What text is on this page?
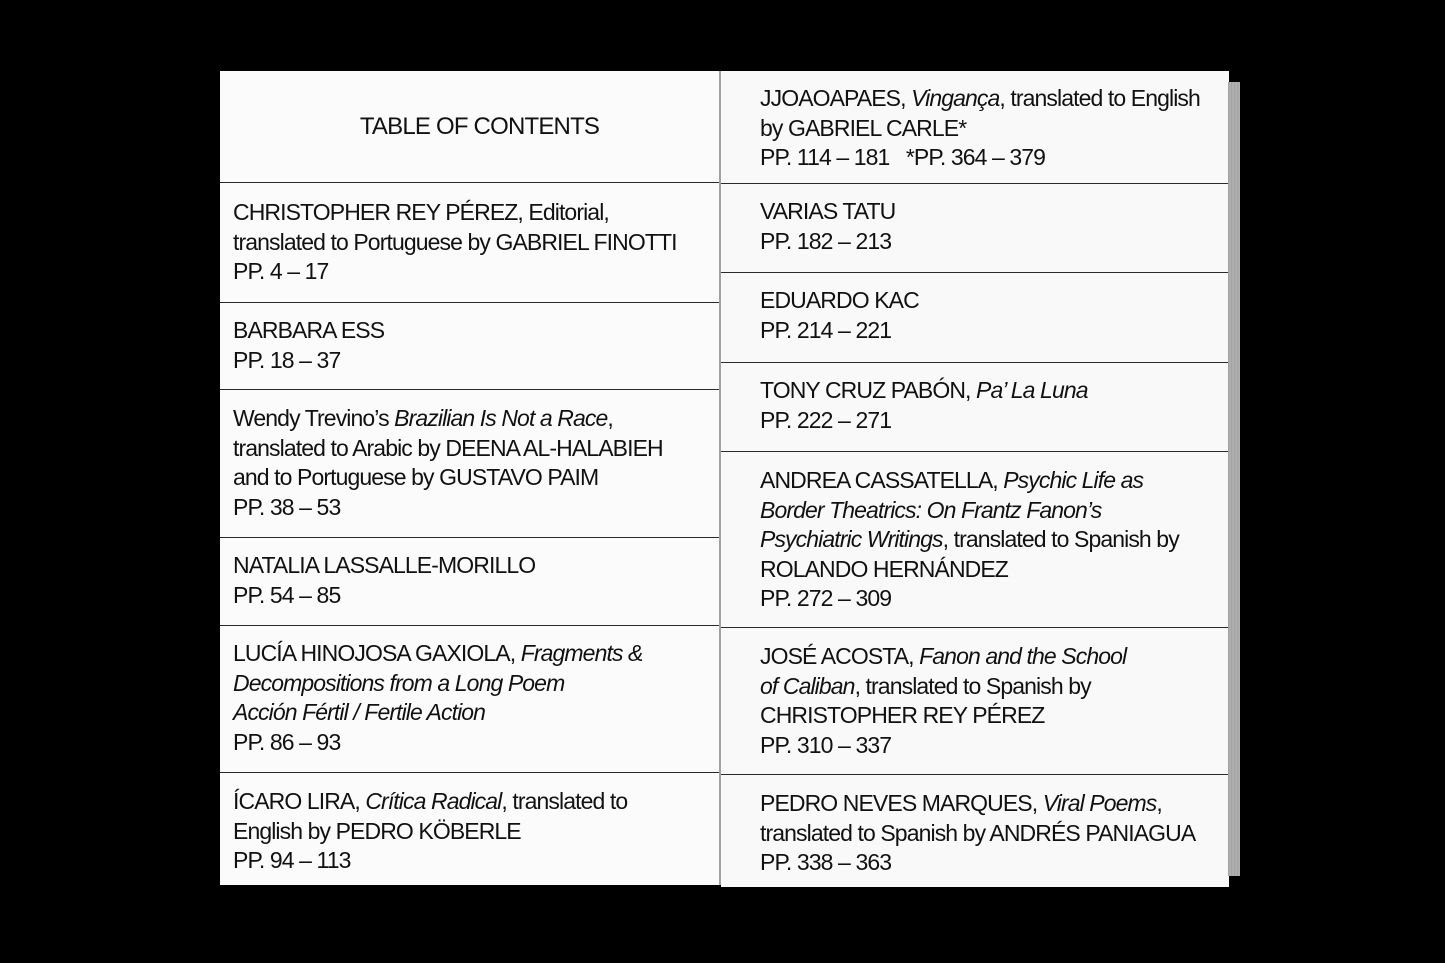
TABLE OF CONTENTS
CHRISTOPHER REY PÉREZ, Editorial,
translated to Portuguese by GABRIEL FINOTTI
PP. 4 – 17
BARBARA ESS
PP. 18 – 37
Wendy Trevino’s Brazilian Is Not a Race,
translated to Arabic by DEENA AL-HALABIEH
and to Portuguese by GUSTAVO PAIM
PP. 38 – 53
NATALIA LASSALLE-MORILLO
PP. 54 – 85
LUCÍA HINOJOSA GAXIOLA, Fragments &
Decompositions from a Long Poem
Acción Fértil / Fertile Action
PP. 86 – 93
ÍCARO LIRA, Crítica Radical, translated to
English by PEDRO KÖBERLE
PP. 94 – 113
JJOAOAPAES, Vingança, translated to English
by GABRIEL CARLE*
PP. 114 – 181   *PP. 364 – 379
VARIAS TATU
PP. 182 – 213
EDUARDO KAC
PP. 214 – 221
TONY CRUZ PABÓN, Pa’ La Luna
PP. 222 – 271
ANDREA CASSATELLA, Psychic Life as
Border Theatrics: On Frantz Fanon’s
Psychiatric Writings, translated to Spanish by
ROLANDO HERNÁNDEZ
PP. 272 – 309
JOSÉ ACOSTA, Fanon and the School
of Caliban, translated to Spanish by
CHRISTOPHER REY PÉREZ
PP. 310 – 337
PEDRO NEVES MARQUES, Viral Poems,
translated to Spanish by ANDRÉS PANIAGUA
PP. 338 – 363
